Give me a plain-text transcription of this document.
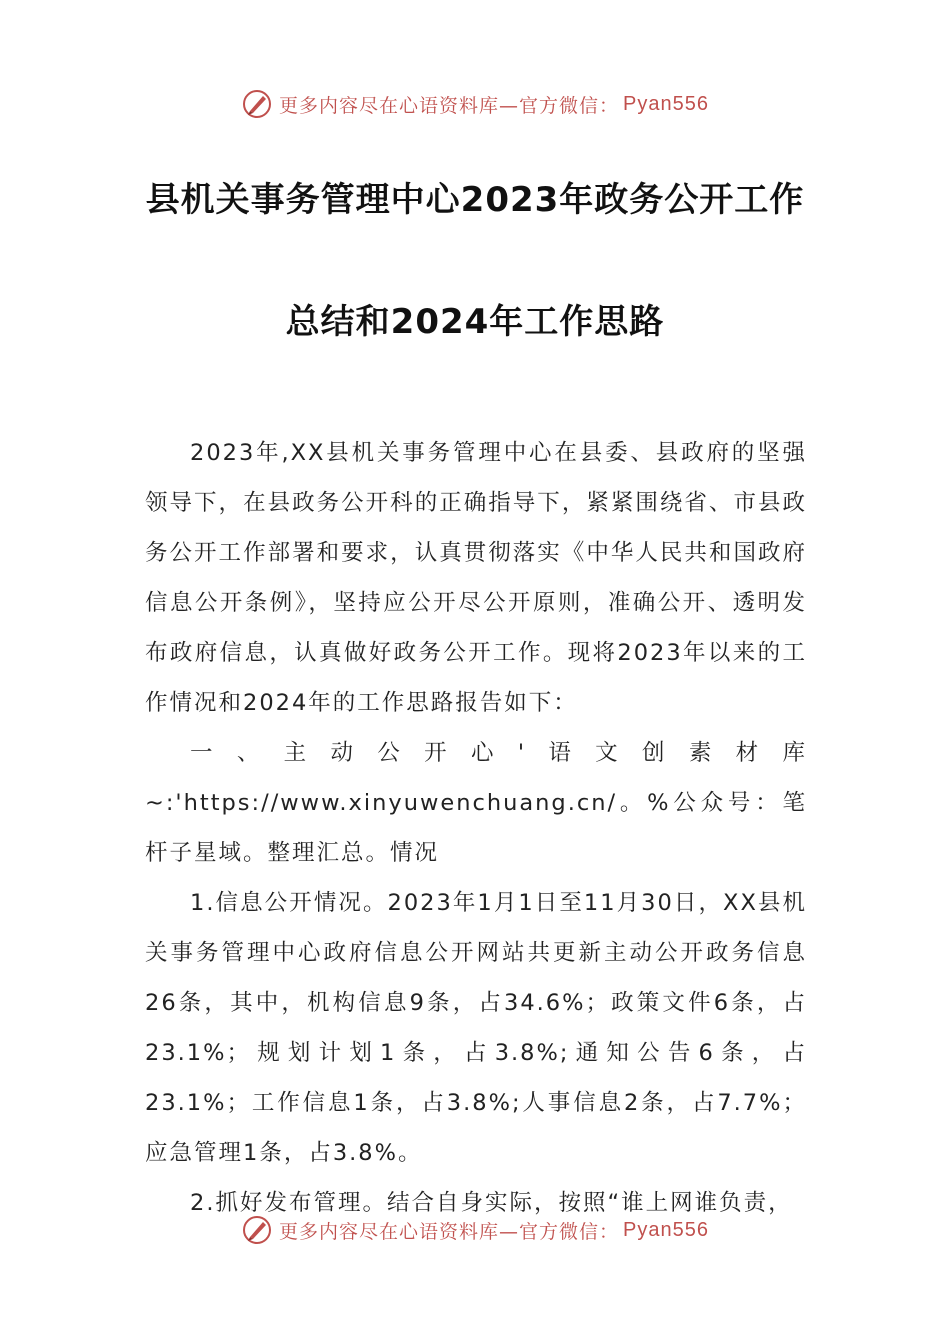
更多内容尽在心语资料库—官方微信： Pyan556
县机关事务管理中心2023年政务公开工作
总结和2024年工作思路

2023年,XX县机关事务管理中心在县委、县政府的坚强领导下，在县政务公开科的正确指导下，紧紧围绕省、市县政务公开工作部署和要求，认真贯彻落实《中华人民共和国政府信息公开条例》，坚持应公开尽公开原则，准确公开、透明发布政府信息，认真做好政务公开工作。现将2023年以来的工作情况和2024年的工作思路报告如下：

一、主动公开心'语文创素材库~:'https://www.xinyuwenchuang.cn/。%公众号：笔杆子星域。整理汇总。情况

1.信息公开情况。2023年1月1日至11月30日，XX县机关事务管理中心政府信息公开网站共更新主动公开政务信息26条，其中，机构信息9条，占34.6%；政策文件6条，占23.1%；规划计划1条，占3.8%;通知公告6条，占23.1%；工作信息1条，占3.8%;人事信息2条，占7.7%；应急管理1条，占3.8%。

2.抓好发布管理。结合自身实际，按照“谁上网谁负责，

更多内容尽在心语资料库—官方微信： Pyan556
